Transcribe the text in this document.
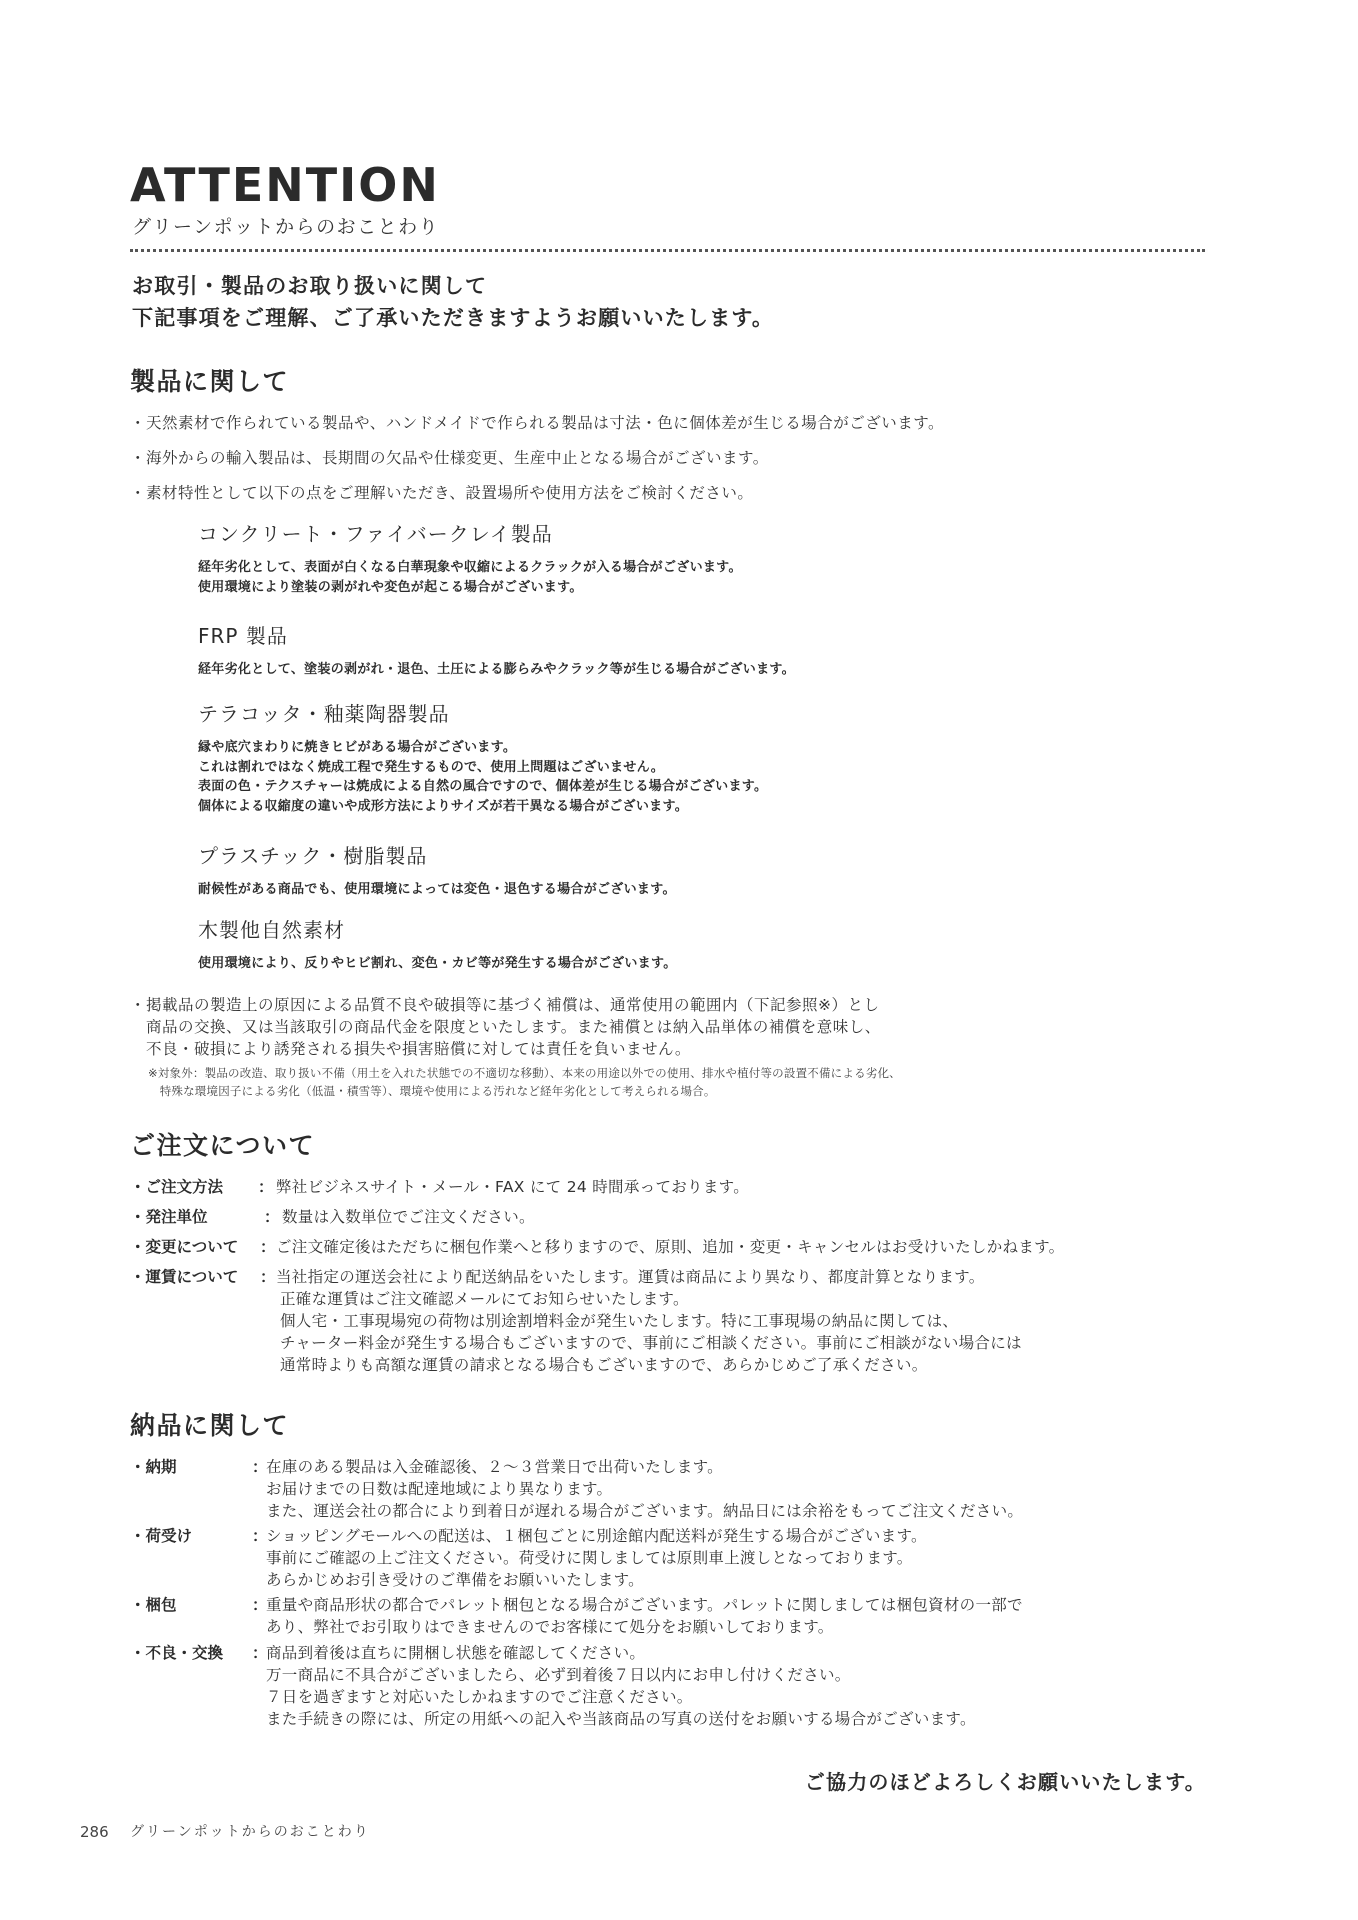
ATTENTION
グリーンポットからのおことわり
お取引・製品のお取り扱いに関して
下記事項をご理解、ご了承いただきますようお願いいたします。
製品に関して
・天然素材で作られている製品や、ハンドメイドで作られる製品は寸法・色に個体差が生じる場合がございます。
・海外からの輸入製品は、長期間の欠品や仕様変更、生産中止となる場合がございます。
・素材特性として以下の点をご理解いただき、設置場所や使用方法をご検討ください。
コンクリート・ファイバークレイ製品
経年劣化として、表面が白くなる白華現象や収縮によるクラックが入る場合がございます。
使用環境により塗装の剥がれや変色が起こる場合がございます。
FRP 製品
経年劣化として、塗装の剥がれ・退色、土圧による膨らみやクラック等が生じる場合がございます。
テラコッタ・釉薬陶器製品
縁や底穴まわりに焼きヒビがある場合がございます。
これは割れではなく焼成工程で発生するもので、使用上問題はございません。
表面の色・テクスチャーは焼成による自然の風合ですので、個体差が生じる場合がございます。
個体による収縮度の違いや成形方法によりサイズが若干異なる場合がございます。
プラスチック・樹脂製品
耐候性がある商品でも、使用環境によっては変色・退色する場合がございます。
木製他自然素材
使用環境により、反りやヒビ割れ、変色・カビ等が発生する場合がございます。
・掲載品の製造上の原因による品質不良や破損等に基づく補償は、通常使用の範囲内（下記参照※）とし
　商品の交換、又は当該取引の商品代金を限度といたします。また補償とは納入品単体の補償を意味し、
　不良・破損により誘発される損失や損害賠償に対しては責任を負いません。
※対象外：製品の改造、取り扱い不備（用土を入れた状態での不適切な移動）、本来の用途以外での使用、排水や植付等の設置不備による劣化、
　特殊な環境因子による劣化（低温・積雪等）、環境や使用による汚れなど経年劣化として考えられる場合。
ご注文について
・ご注文方法	： 弊社ビジネスサイト・メール・FAX にて 24 時間承っております。
・発注単位	： 数量は入数単位でご注文ください。
・変更について	： ご注文確定後はただちに梱包作業へと移りますので、原則、追加・変更・キャンセルはお受けいたしかねます。
・運賃について	： 当社指定の運送会社により配送納品をいたします。運賃は商品により異なり、都度計算となります。
正確な運賃はご注文確認メールにてお知らせいたします。
個人宅・工事現場宛の荷物は別途割増料金が発生いたします。特に工事現場の納品に関しては、
チャーター料金が発生する場合もございますので、事前にご相談ください。事前にご相談がない場合には
通常時よりも高額な運賃の請求となる場合もございますので、あらかじめご了承ください。
納品に関して
・納期	：
在庫のある製品は入金確認後、２～３営業日で出荷いたします。
お届けまでの日数は配達地域により異なります。
また、運送会社の都合により到着日が遅れる場合がございます。納品日には余裕をもってご注文ください。
・荷受け	：
ショッピングモールへの配送は、１梱包ごとに別途館内配送料が発生する場合がございます。
事前にご確認の上ご注文ください。荷受けに関しましては原則車上渡しとなっております。
あらかじめお引き受けのご準備をお願いいたします。
・梱包	：
重量や商品形状の都合でパレット梱包となる場合がございます。パレットに関しましては梱包資材の一部で
あり、弊社でお引取りはできませんのでお客様にて処分をお願いしております。
・不良・交換	：
商品到着後は直ちに開梱し状態を確認してください。
万一商品に不具合がございましたら、必ず到着後７日以内にお申し付けください。
７日を過ぎますと対応いたしかねますのでご注意ください。
また手続きの際には、所定の用紙への記入や当該商品の写真の送付をお願いする場合がございます。
ご協力のほどよろしくお願いいたします。
286 グリーンポットからのおことわり
